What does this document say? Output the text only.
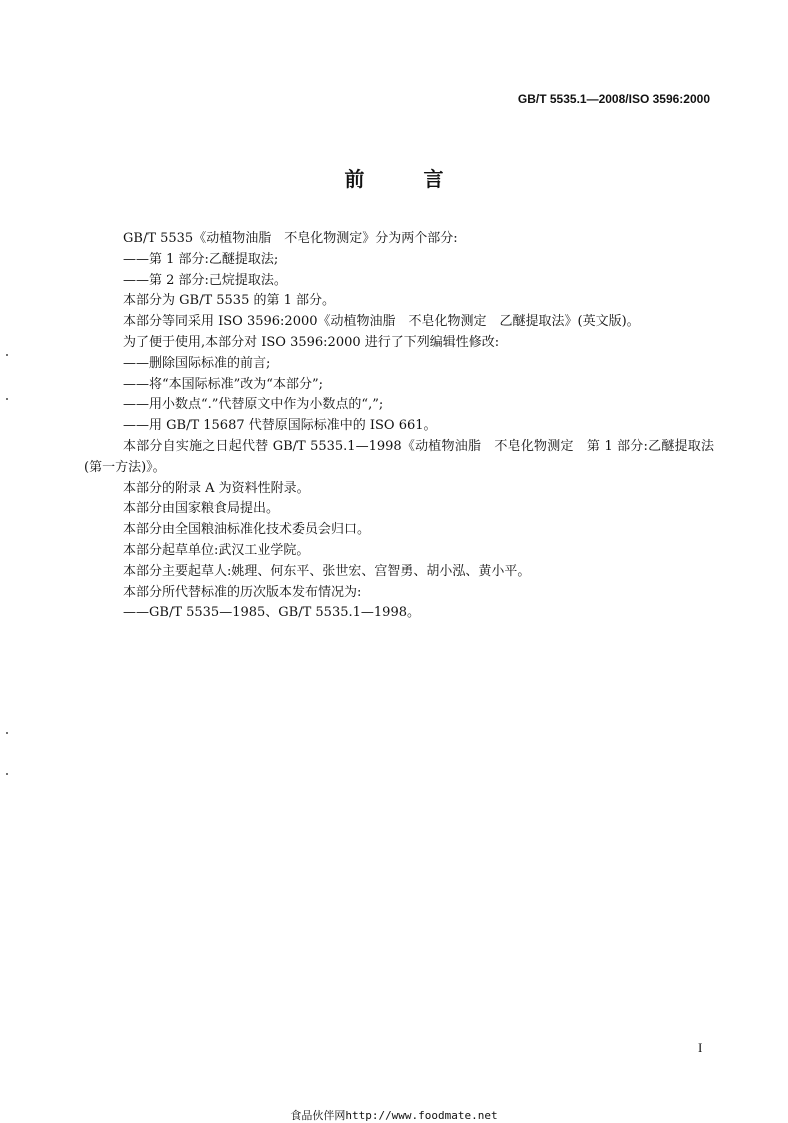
GB/T 5535.1—2008/ISO 3596:2000
前 言

GB/T 5535《动植物油脂　不皂化物测定》分为两个部分:

——第 1 部分:乙醚提取法;

——第 2 部分:己烷提取法。

本部分为 GB/T 5535 的第 1 部分。

本部分等同采用 ISO 3596:2000《动植物油脂　不皂化物测定　乙醚提取法》(英文版)。

为了便于使用,本部分对 ISO 3596:2000 进行了下列编辑性修改:

——删除国际标准的前言;

——将“本国际标准”改为“本部分”;

——用小数点“.”代替原文中作为小数点的“,”;

——用 GB/T 15687 代替原国际标准中的 ISO 661。

本部分自实施之日起代替 GB/T 5535.1—1998《动植物油脂　不皂化物测定　第 1 部分:乙醚提取法(第一方法)》。

本部分的附录 A 为资料性附录。

本部分由国家粮食局提出。

本部分由全国粮油标准化技术委员会归口。

本部分起草单位:武汉工业学院。

本部分主要起草人:姚理、何东平、张世宏、宫智勇、胡小泓、黄小平。

本部分所代替标准的历次版本发布情况为:

——GB/T 5535—1985、GB/T 5535.1—1998。

I
食品伙伴网http://www.foodmate.net
